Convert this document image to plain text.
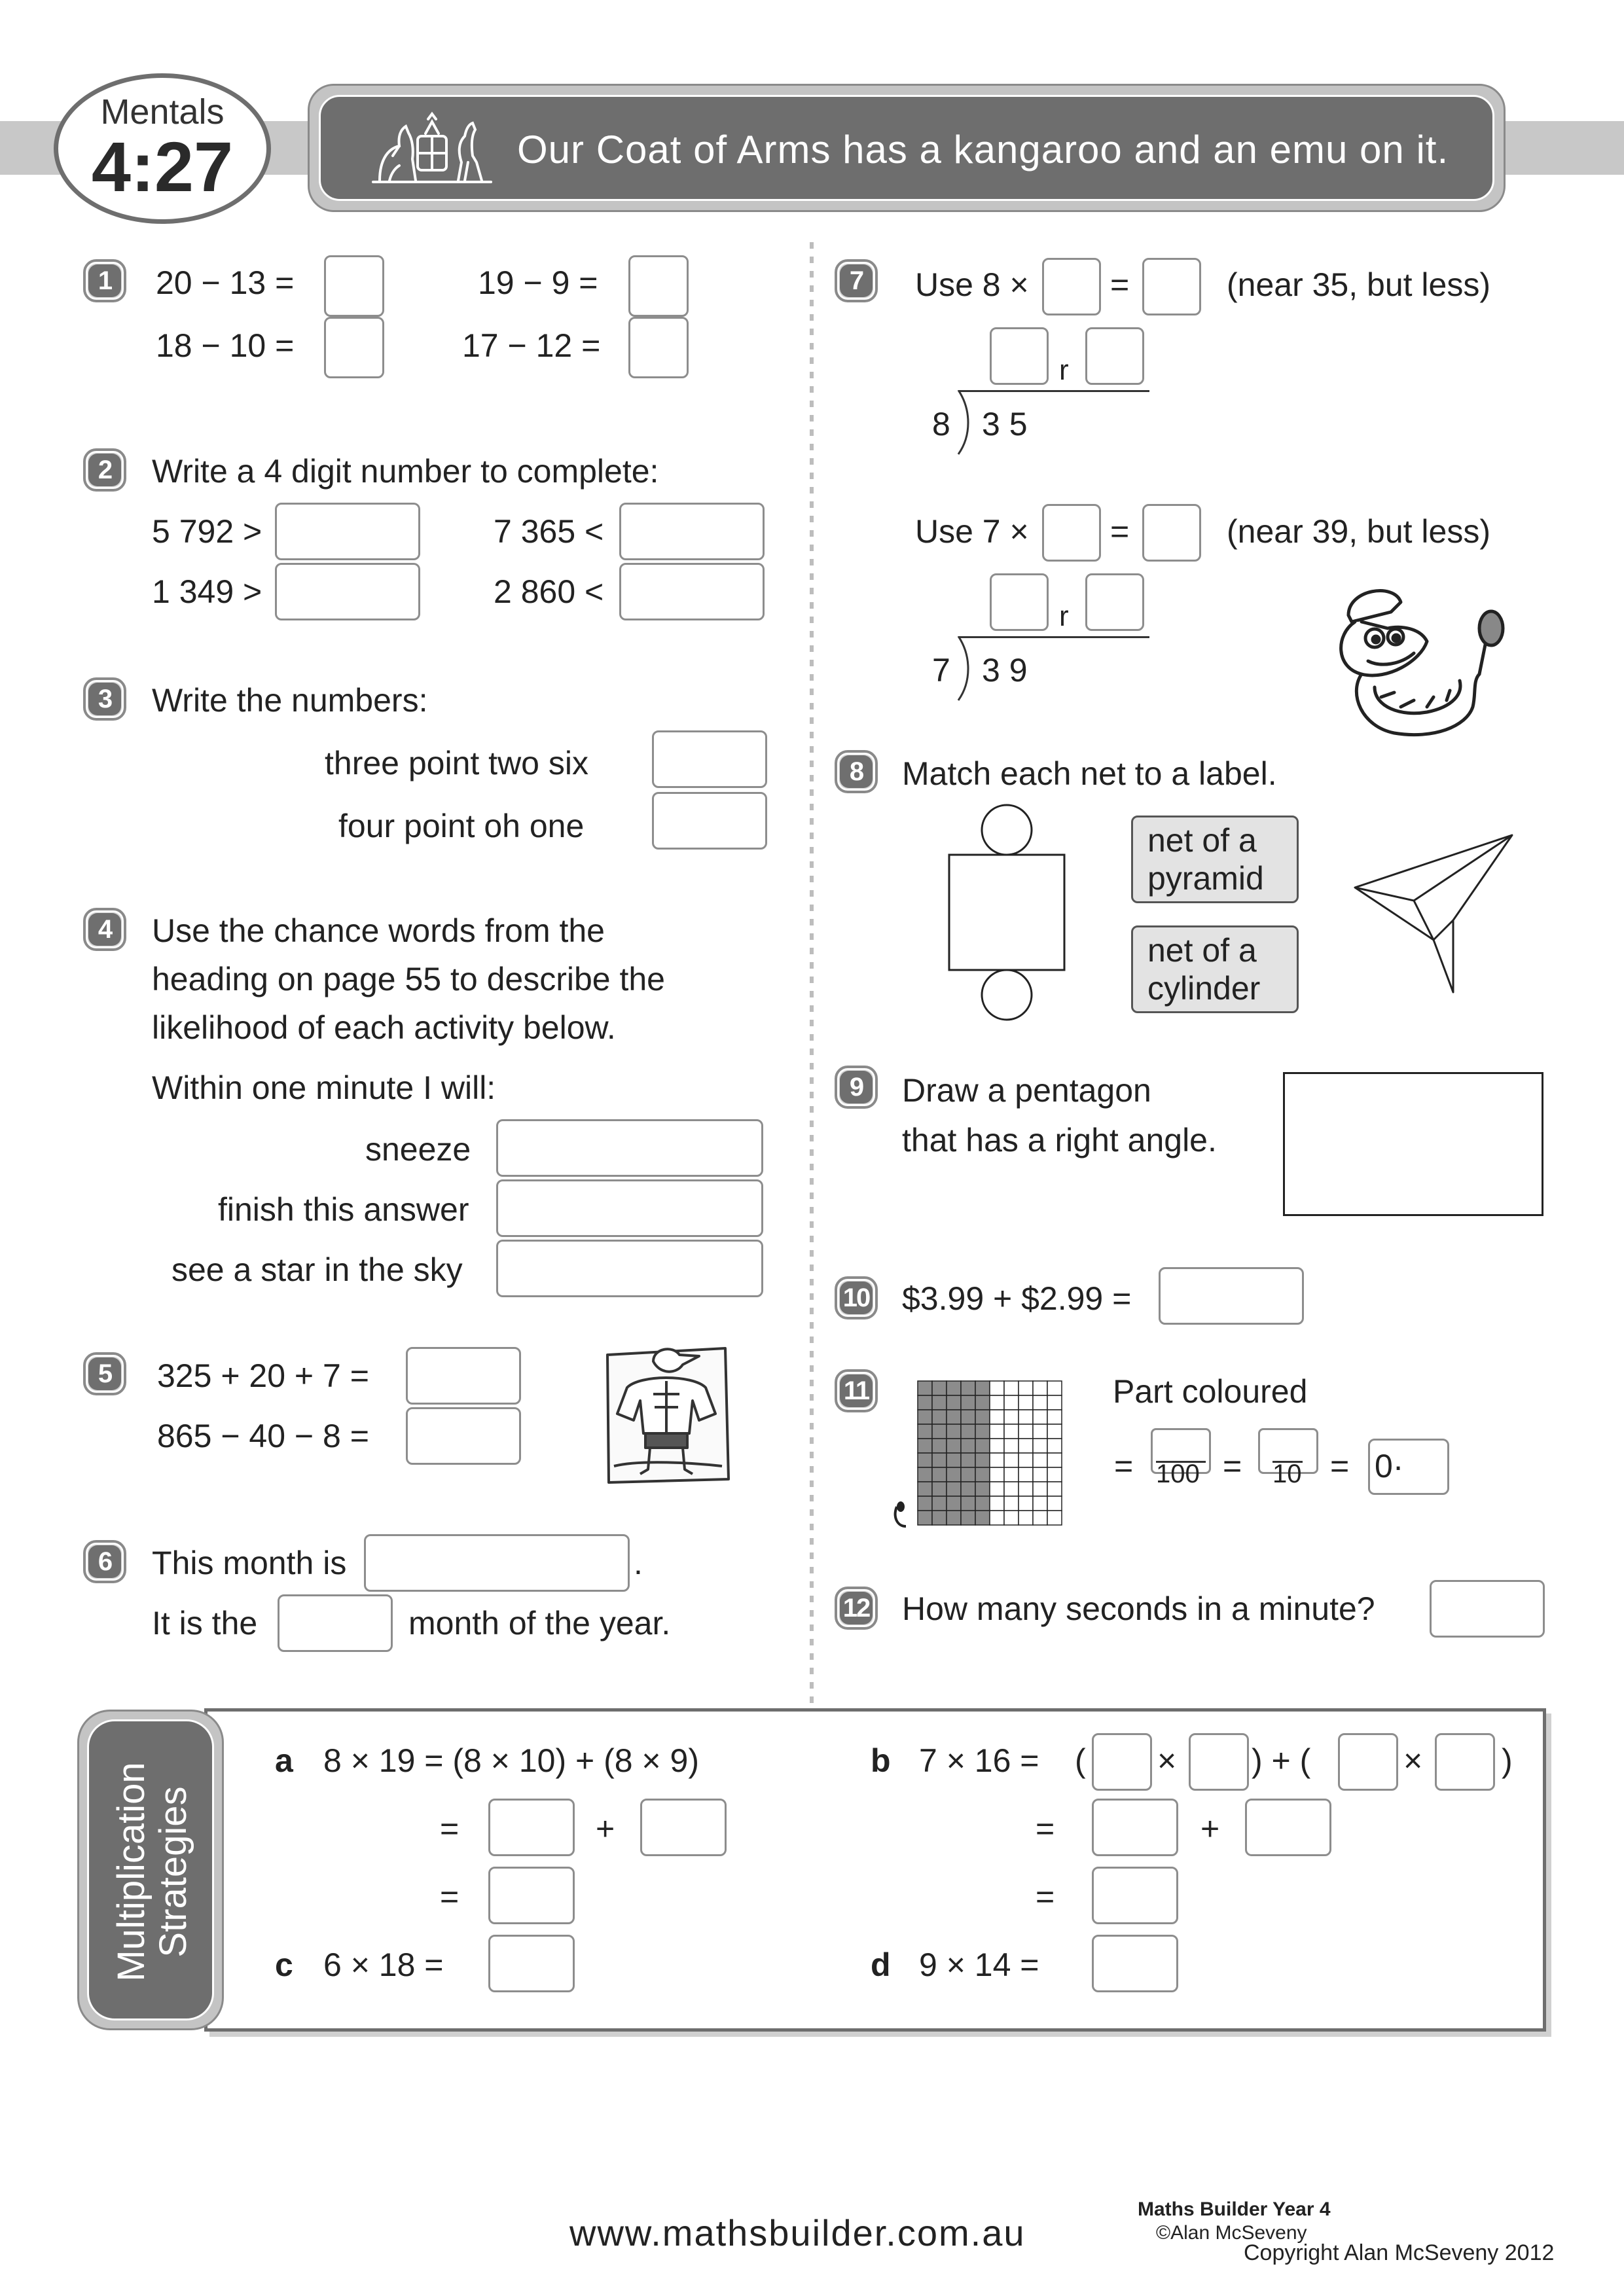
Our Coat of Arms has a kangaroo and an emu on it.
Mentals
4:27
1 20 − 13 =	19 − 9 =
18 − 10 =	17 − 12 =
2 Write a 4 digit number to complete:
5 792 >	7 365 <
1 349 >	2 860 <
3 Write the numbers:
three point two six
four point oh one
4 Use the chance words from the
heading on page 55 to describe the
likelihood of each activity below.
Within one minute I will:
sneeze
finish this answer
see a star in the sky
5 325 + 20 + 7 =
865 − 40 − 8 =
6 This month is	.
It is the	month of the year.
7 Use 8 × =	(near 35, but less)
r
8 3 5
Use 7 × =	(near 39, but less)
r
7 3 9
8 Match each net to a label.
net of a pyramid
net of a cylinder
9 Draw a pentagon
that has a right angle.
10 $3.99 + $2.99 =
11	Part coloured
= 100 = 10 = 0·
12 How many seconds in a minute?
Multiplication Strategies
a 8 × 19 = (8 × 10) + (8 × 9)
=	+
=
b 7 × 16 = ( × ) + (	× )
=	+
=
c 6 × 18 =	d 9 × 14 =
www.mathsbuilder.com.au
Maths Builder Year 4
©Alan McSeveny
Copyright Alan McSeveny 2012
